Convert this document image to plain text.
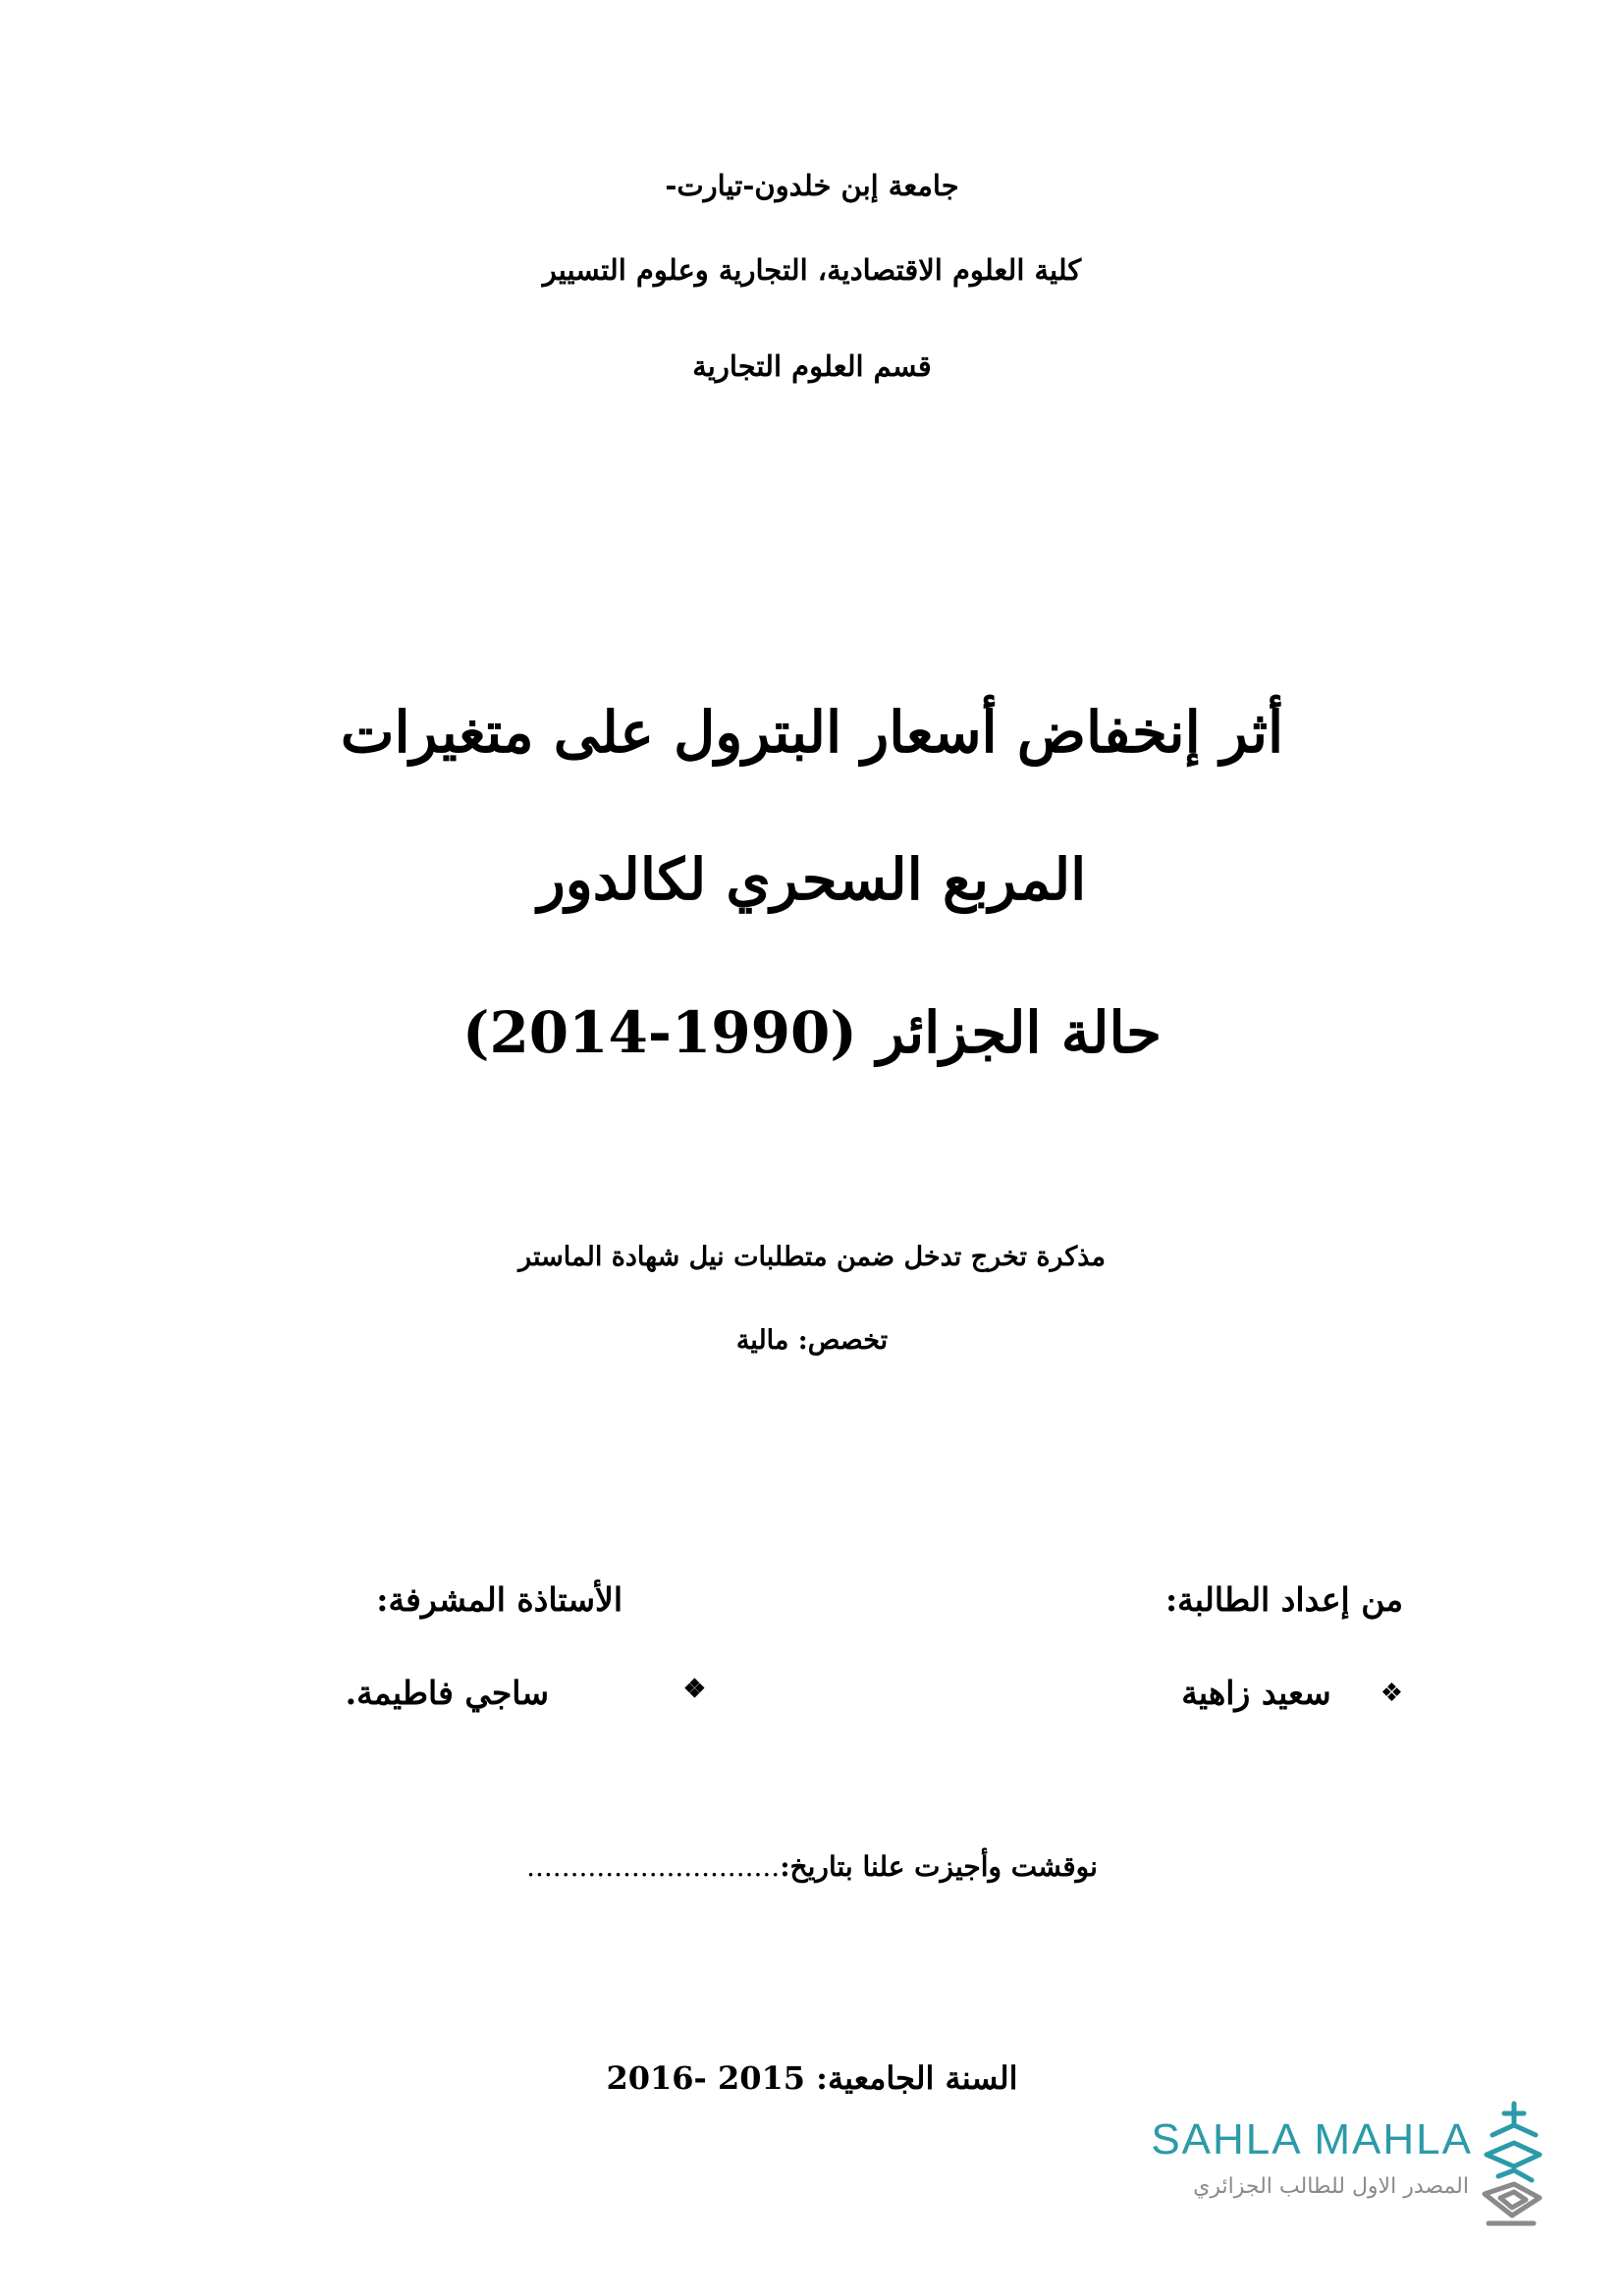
جامعة إبن خلدون-تيارت-
كلية العلوم الاقتصادية، التجارية وعلوم التسيير
قسم العلوم التجارية
أثر إنخفاض أسعار البترول على متغيرات
المربع السحري لكالدور
حالة الجزائر (1990-2014)
مذكرة تخرج تدخل ضمن متطلبات نيل شهادة الماستر
تخصص: مالية
من إعداد الطالبة:
الأستاذة المشرفة:
❖
سعيد زاهية
ساجي فاطيمة.	❖
نوقشت وأجيزت علنا بتاريخ:.............................
السنة الجامعية: 2015 -2016
SAHLA MAHLA
المصدر الاول للطالب الجزائري
